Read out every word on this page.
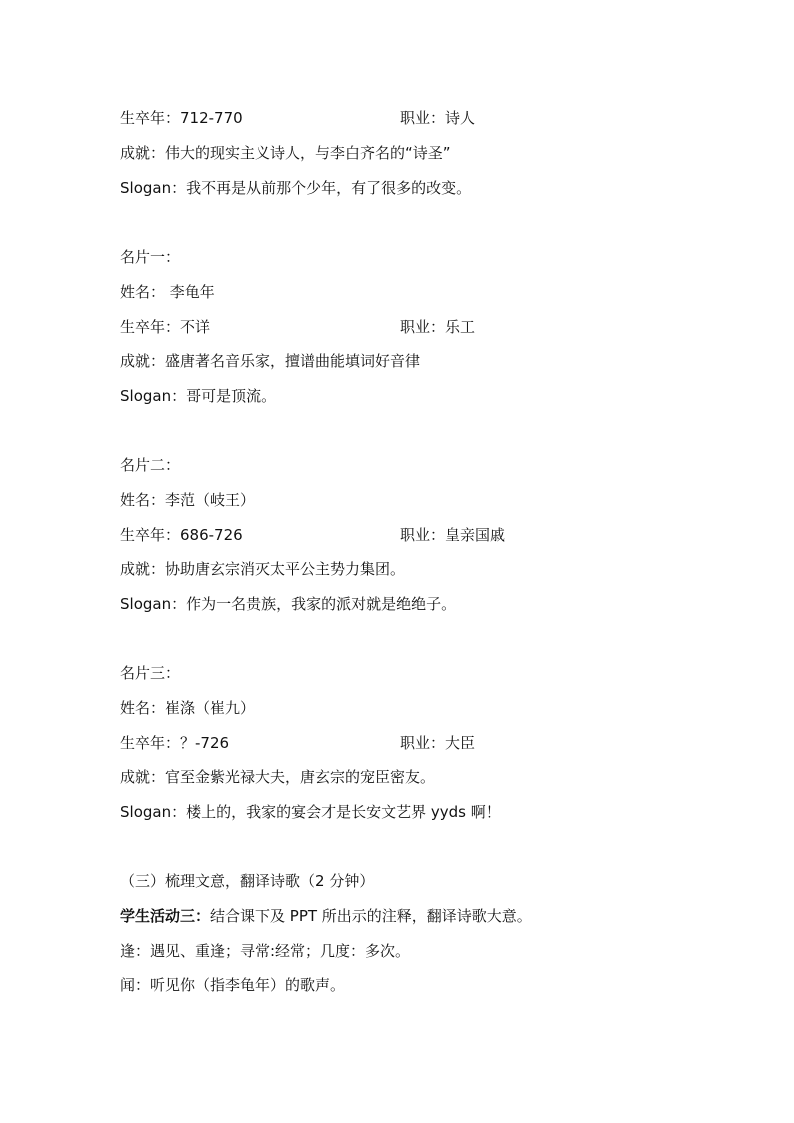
生卒年：712-770	职业：诗人
成就：伟大的现实主义诗人，与李白齐名的“诗圣”
Slogan：我不再是从前那个少年，有了很多的改变。
名片一：
姓名： 李龟年
生卒年：不详	职业：乐工
成就：盛唐著名音乐家，擅谱曲能填词好音律
Slogan：哥可是顶流。
名片二：
姓名：李范（岐王）
生卒年：686-726	职业：皇亲国戚
成就：协助唐玄宗消灭太平公主势力集团。
Slogan：作为一名贵族，我家的派对就是绝绝子。
名片三：
姓名：崔涤（崔九）
生卒年：？-726	职业：大臣
成就：官至金紫光禄大夫，唐玄宗的宠臣密友。
Slogan：楼上的，我家的宴会才是长安文艺界 yyds 啊！
（三）梳理文意，翻译诗歌（2 分钟）
学生活动三：结合课下及 PPT 所出示的注释，翻译诗歌大意。
逢：遇见、重逢；寻常:经常；几度：多次。
闻：听见你（指李龟年）的歌声。
